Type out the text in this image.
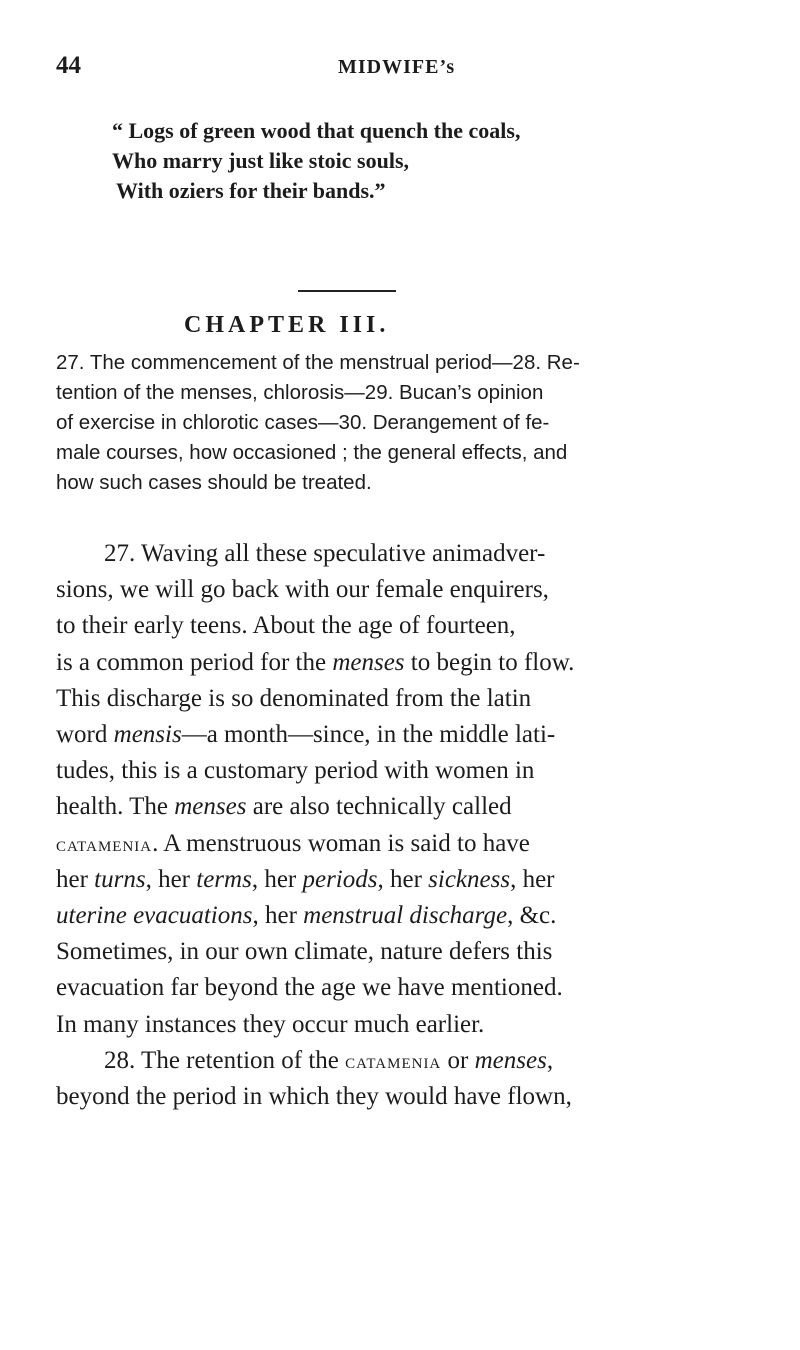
44	MIDWIFE’s
“ Logs of green wood that quench the coals,
Who marry just like stoic souls,
With oziers for their bands.”
CHAPTER III.
27. The commencement of the menstrual period—28. Re-
tention of the menses, chlorosis—29. Bucan’s opinion
of exercise in chlorotic cases—30. Derangement of fe-
male courses, how occasioned ; the general effects, and
how such cases should be treated.
27. Waving all these speculative animadver-
sions, we will go back with our female enquirers,
to their early teens. About the age of fourteen,
is a common period for the menses to begin to flow.
This discharge is so denominated from the latin
word mensis—a month—since, in the middle lati-
tudes, this is a customary period with women in
health. The menses are also technically called
catamenia. A menstruous woman is said to have
her turns, her terms, her periods, her sickness, her
uterine evacuations, her menstrual discharge, &c.
Sometimes, in our own climate, nature defers this
evacuation far beyond the age we have mentioned.
In many instances they occur much earlier.
28. The retention of the catamenia or menses,
beyond the period in which they would have flown,
